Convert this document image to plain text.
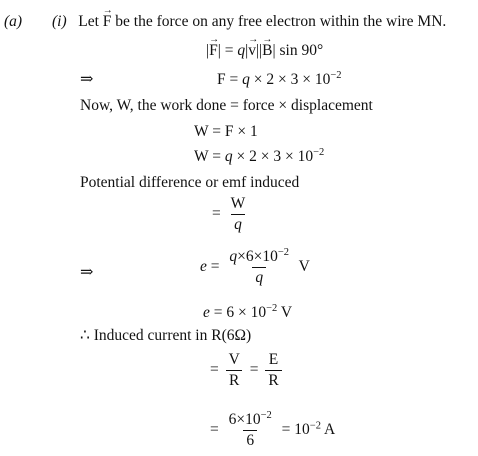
(a) (i) Let → F be the force on any free electron within the wire MN.
|→ F| = q|→ v||→ B| sin 90°
⇒	$F = q \times 2 \times 3 \times 10^{-2}$
Now, W, the work done = force × displacement
W = F × 1
$W = q \times 2 \times 3 \times 10^{-2}$
Potential difference or emf induced
= $\frac{W}{q}$
⇒	$e = \frac{q\times 6\times 10^{-2}}{q}$ V
$e = 6 \times 10^{-2}$ V
∴ Induced current in R(6Ω)
= $\frac{V}{R} = \frac{E}{R}$
= $\frac{6\times 10^{-2}}{6} = 10^{-2}$ A
